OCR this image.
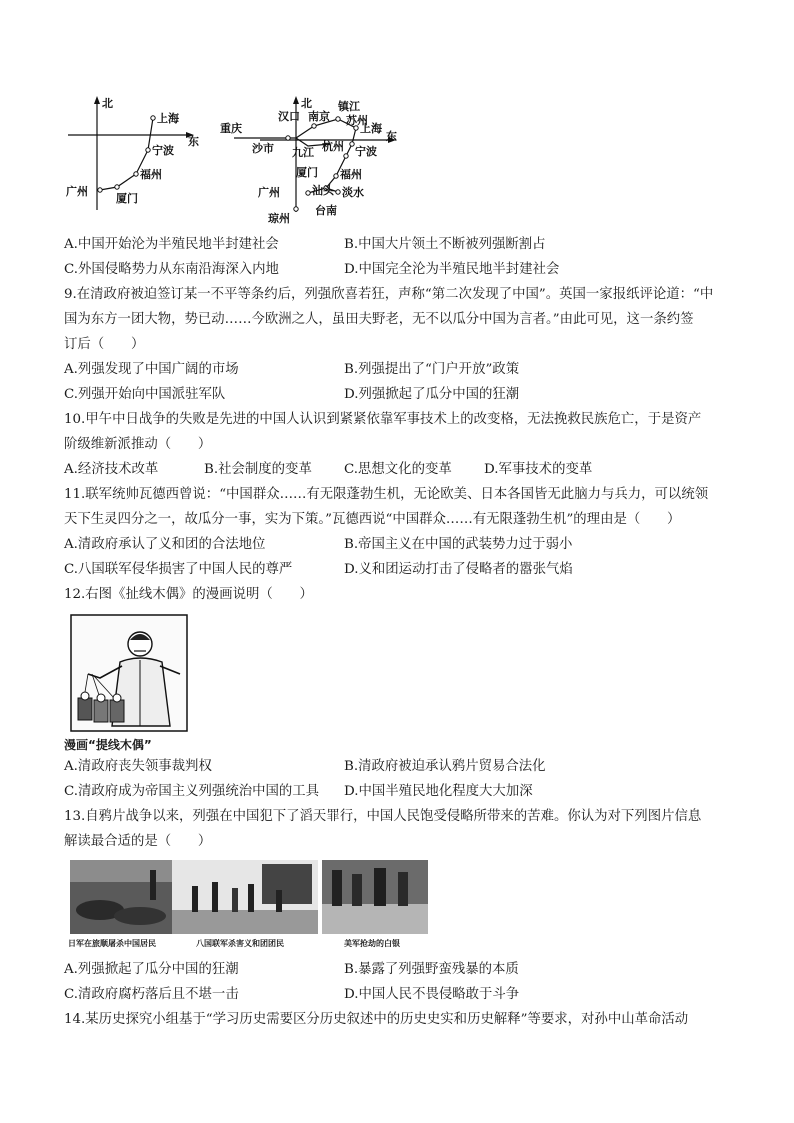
北
东
上海
宁波
福州
厦门
广州
北
东
重庆
汉口
沙市
镇江
南京 苏州
上海
九江 杭州 宁波
广州
厦门 福州
汕头 淡水
台南
琼州
A.中国开始沦为半殖民地半封建社会	B.中国大片领土不断被列强断割占
C.外国侵略势力从东南沿海深入内地	D.中国完全沦为半殖民地半封建社会
9.在清政府被迫签订某一不平等条约后，列强欣喜若狂，声称“第二次发现了中国”。英国一家报纸评论道：“中
国为东方一团大物，势已动……今欧洲之人，虽田夫野老，无不以瓜分中国为言者。”由此可见，这一条约签
订后（　　）
A.列强发现了中国广阔的市场	B.列强提出了“门户开放”政策
C.列强开始向中国派驻军队	D.列强掀起了瓜分中国的狂潮
10.甲午中日战争的失败是先进的中国人认识到紧紧依靠军事技术上的改变格，无法挽救民族危亡，于是资产
阶级维新派推动（　　）
A.经济技术改革	B.社会制度的变革 C.思想文化的变革 D.军事技术的变革
11.联军统帅瓦德西曾说：“中国群众……有无限蓬勃生机，无论欧美、日本各国皆无此脑力与兵力，可以统领
天下生灵四分之一，故瓜分一事，实为下策。”瓦德西说“中国群众……有无限蓬勃生机”的理由是（　　）
A.清政府承认了义和团的合法地位	B.帝国主义在中国的武装势力过于弱小
C.八国联军侵华损害了中国人民的尊严	D.义和团运动打击了侵略者的嚣张气焰
12.右图《扯线木偶》的漫画说明（　　）
漫画“提线木偶”
A.清政府丧失领事裁判权	B.清政府被迫承认鸦片贸易合法化
C.清政府成为帝国主义列强统治中国的工具 D.中国半殖民地化程度大大加深
13.自鸦片战争以来，列强在中国犯下了滔天罪行，中国人民饱受侵略所带来的苦难。你认为对下列图片信息
解读最合适的是（　　）
日军在旅顺屠杀中国居民	八国联军杀害义和团团民	美军抢劫的白银
A.列强掀起了瓜分中国的狂潮	B.暴露了列强野蛮残暴的本质
C.清政府腐朽落后且不堪一击	D.中国人民不畏侵略敢于斗争
14.某历史探究小组基于“学习历史需要区分历史叙述中的历史史实和历史解释”等要求，对孙中山革命活动
